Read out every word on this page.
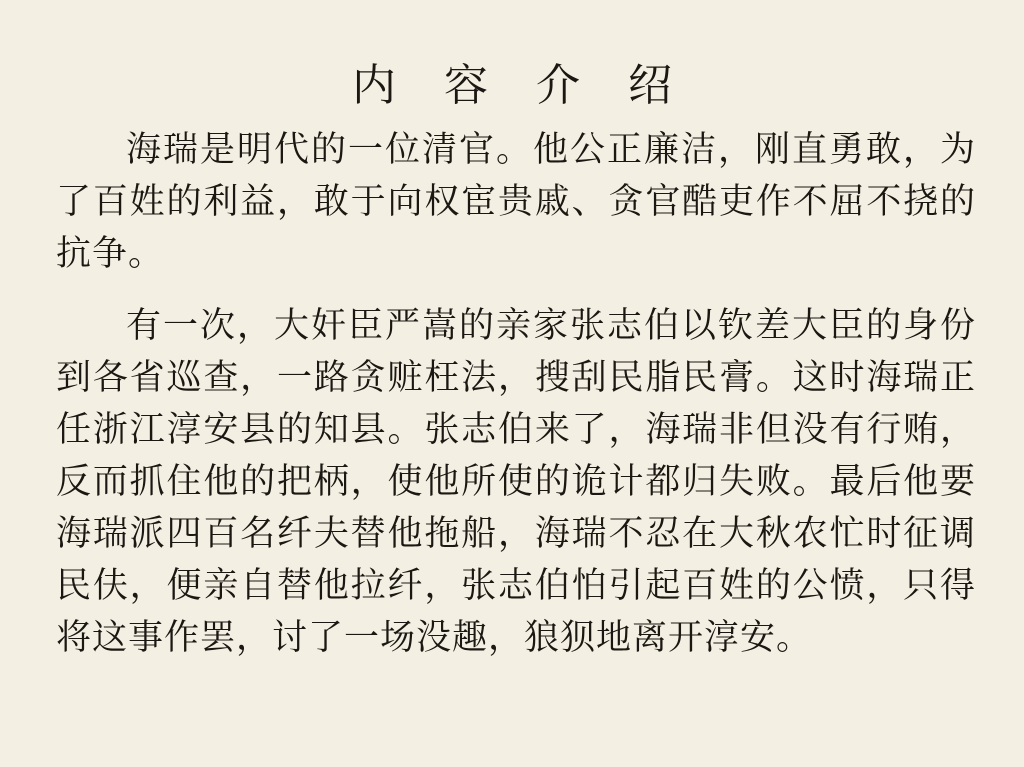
内 容 介 绍

海瑞是明代的一位清官。他公正廉洁，刚直勇敢，为了百姓的利益，敢于向权宦贵戚、贪官酷吏作不屈不挠的抗争。

有一次，大奸臣严嵩的亲家张志伯以钦差大臣的身份到各省巡查，一路贪赃枉法，搜刮民脂民膏。这时海瑞正任浙江淳安县的知县。张志伯来了，海瑞非但没有行贿，反而抓住他的把柄，使他所使的诡计都归失败。最后他要海瑞派四百名纤夫替他拖船，海瑞不忍在大秋农忙时征调民伕，便亲自替他拉纤，张志伯怕引起百姓的公愤，只得将这事作罢，讨了一场没趣，狼狈地离开淳安。
